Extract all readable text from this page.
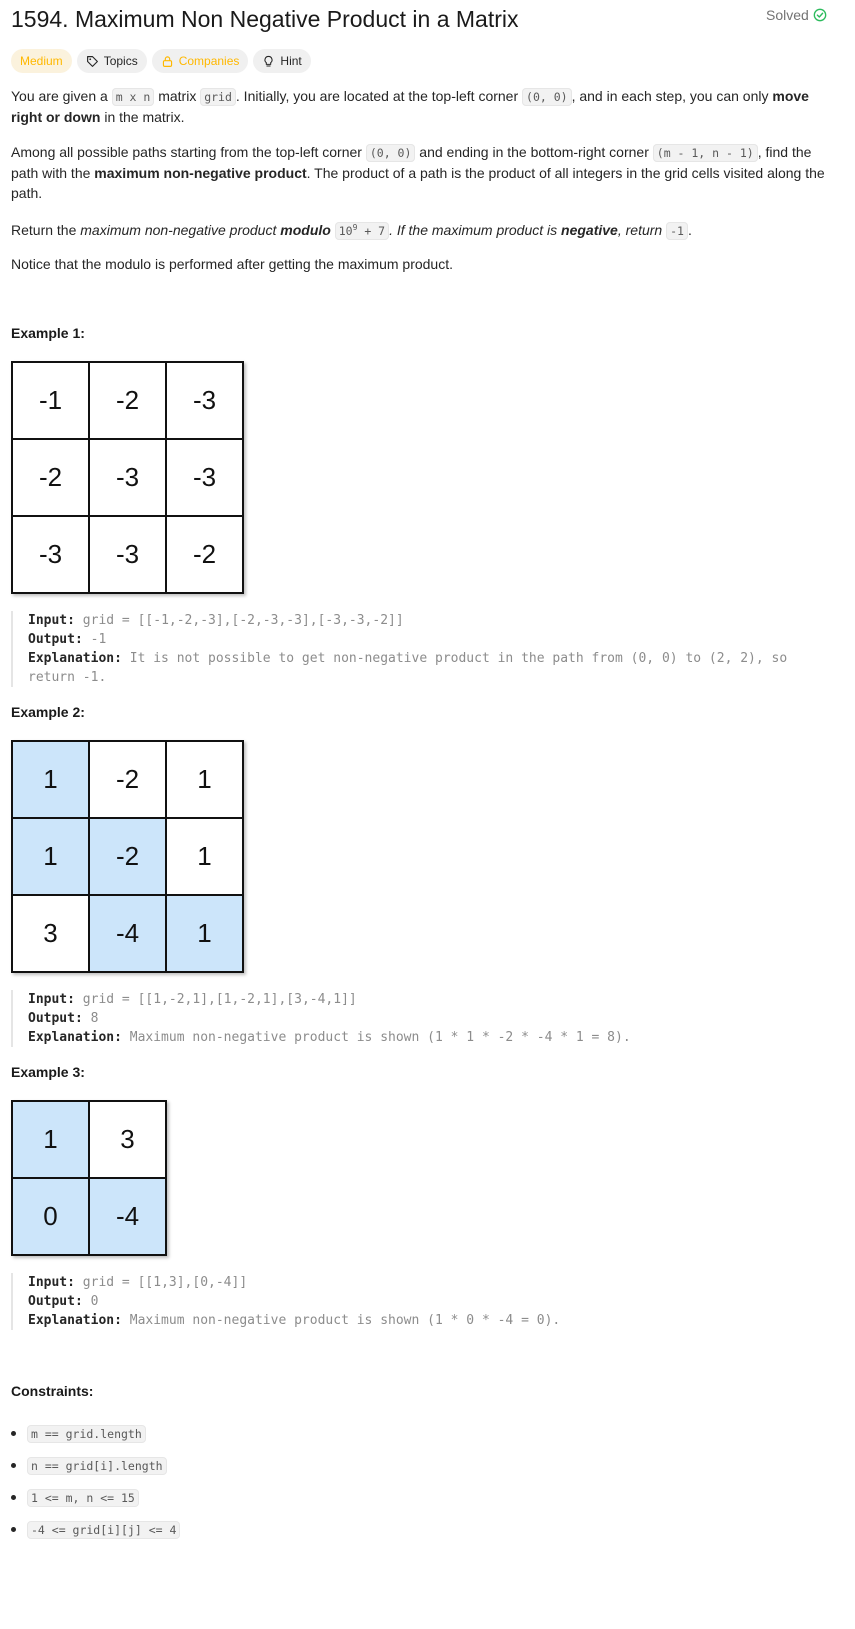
1594. Maximum Non Negative Product in a Matrix	Solved
Medium	Topics	Companies	Hint
You are given a m x n matrix grid . Initially, you are located at the top-left corner (0, 0) , and in each step, you can only move right or down in the matrix.
Among all possible paths starting from the top-left corner (0, 0) and ending in the bottom-right corner (m - 1, n - 1) , find the path with the maximum non-negative product. The product of a path is the product of all integers in the grid cells visited along the path.
Return the maximum non-negative product modulo $10^9 + 7$ . If the maximum product is negative, return -1 .
Notice that the modulo is performed after getting the maximum product.
Example 1:
-1	-2	-3
-2	-3	-3
-3	-3	-2
Input: grid = [[-1,-2,-3],[-2,-3,-3],[-3,-3,-2]]
Output: -1
Explanation: It is not possible to get non-negative product in the path from (0, 0) to (2, 2), so return -1.
Example 2:
1	-2	1
1	-2	1
3	-4	1
Input: grid = [[1,-2,1],[1,-2,1],[3,-4,1]]
Output: 8
Explanation: Maximum non-negative product is shown (1 * 1 * -2 * -4 * 1 = 8).
Example 3:
1	3
0	-4
Input: grid = [[1,3],[0,-4]]
Output: 0
Explanation: Maximum non-negative product is shown (1 * 0 * -4 = 0).
Constraints:
m == grid.length
n == grid[i].length
1 <= m, n <= 15
-4 <= grid[i][j] <= 4
